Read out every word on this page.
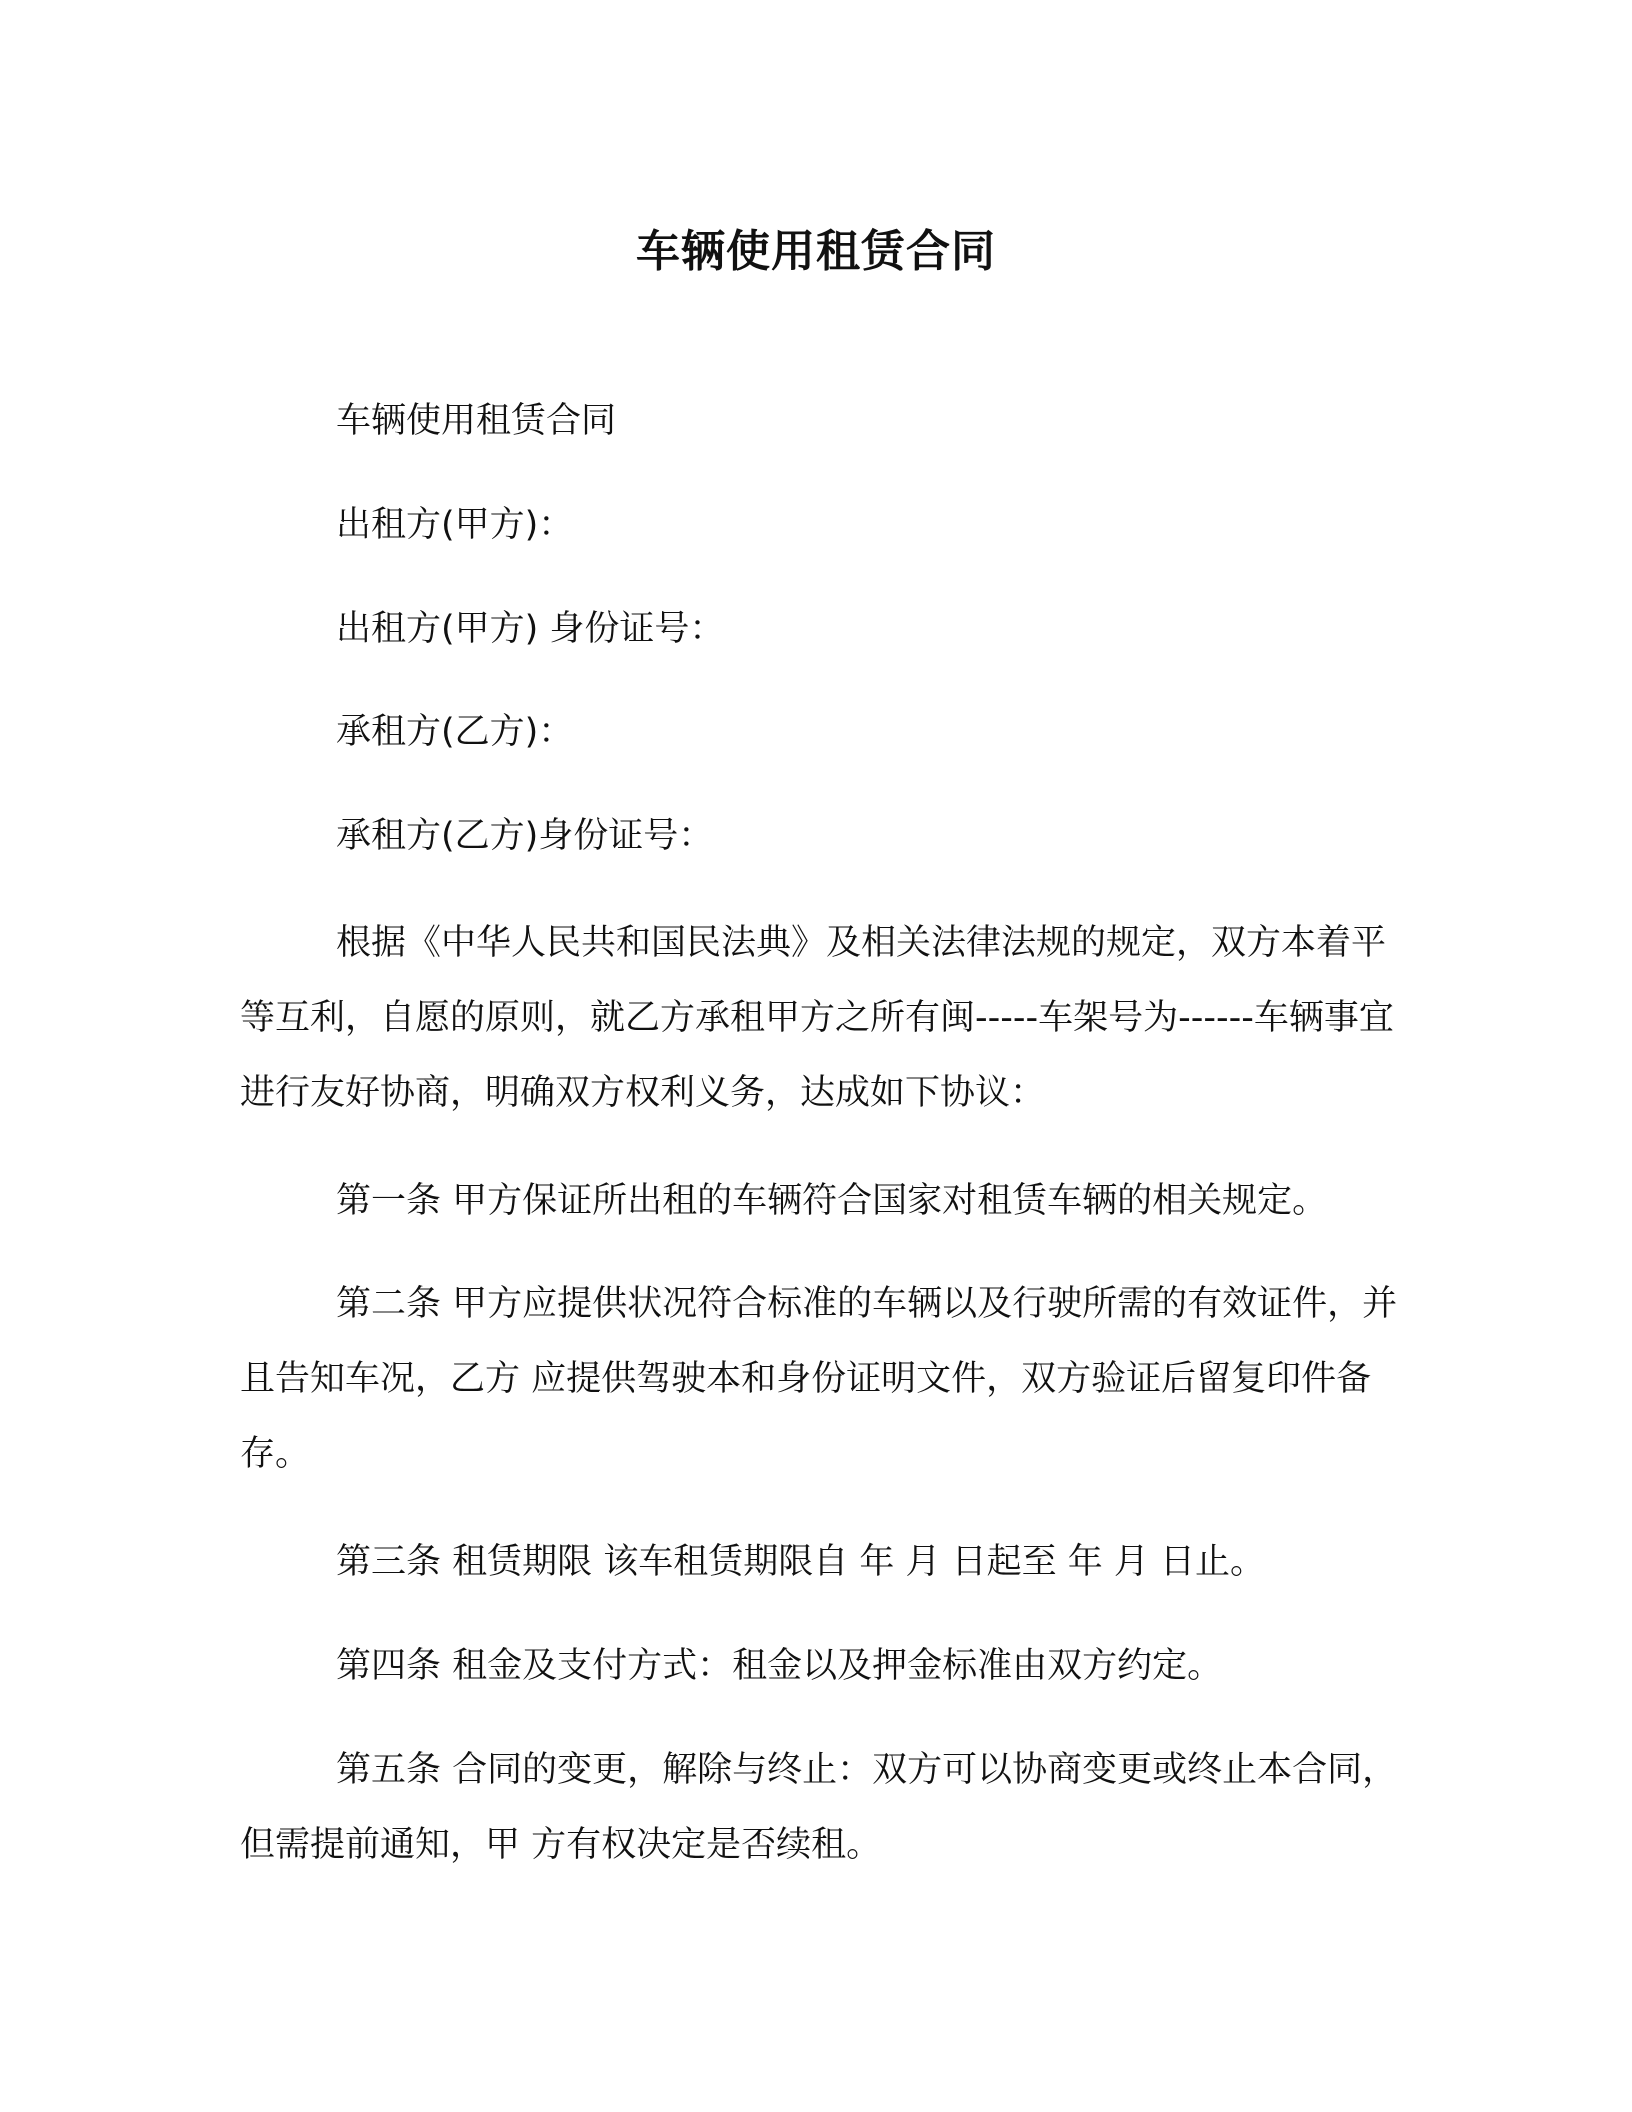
车辆使用租赁合同
车辆使用租赁合同
出租方(甲方)：
出租方(甲方) 身份证号：
承租方(乙方)：
承租方(乙方)身份证号：

根据《中华人民共和国民法典》及相关法律法规的规定，双方本着平等互利，自愿的原则，就乙方承租甲方之所有闽-----车架号为------车辆事宜进行友好协商，明确双方权利义务，达成如下协议：

第一条 甲方保证所出租的车辆符合国家对租赁车辆的相关规定。

第二条 甲方应提供状况符合标准的车辆以及行驶所需的有效证件，并且告知车况，乙方 应提供驾驶本和身份证明文件，双方验证后留复印件备存。

第三条 租赁期限 该车租赁期限自 年 月 日起至 年 月 日止。

第四条 租金及支付方式：租金以及押金标准由双方约定。

第五条 合同的变更，解除与终止：双方可以协商变更或终止本合同，但需提前通知，甲 方有权决定是否续租。
